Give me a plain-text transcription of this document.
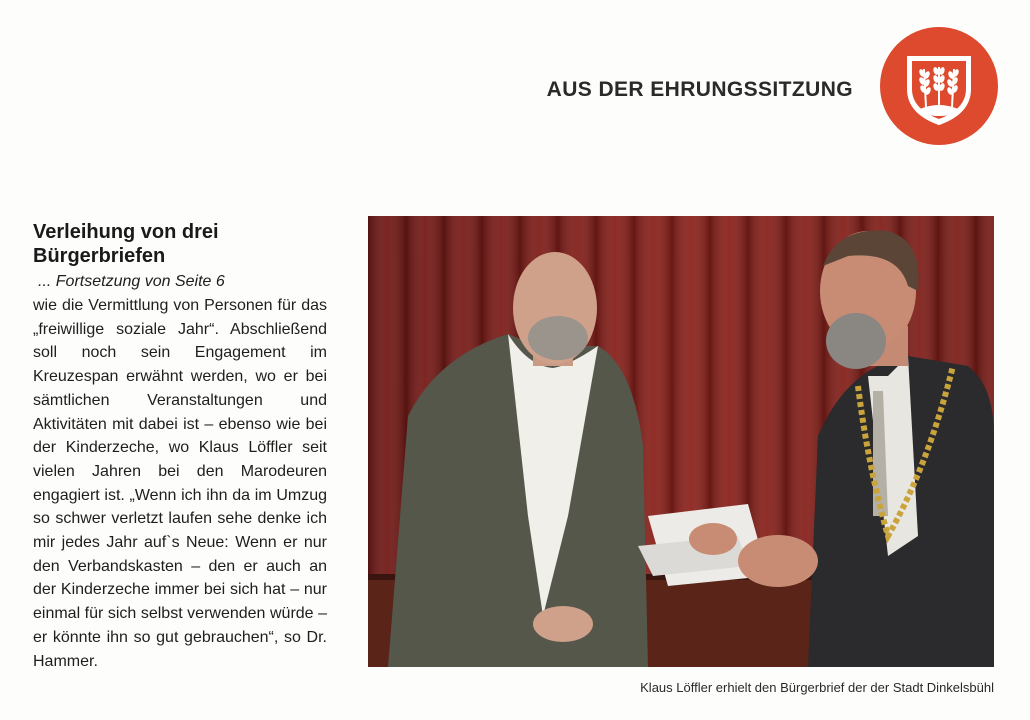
AUS DER EHRUNGSSITZUNG
Verleihung von drei Bürgerbriefen
... Fortsetzung von Seite 6
wie die Vermittlung von Personen für das „freiwillige soziale Jahr“. Abschließend soll noch sein Engagement im Kreuzespan erwähnt werden, wo er bei sämtlichen Veranstaltungen und Aktivitäten mit dabei ist – ebenso wie bei der Kinderzeche, wo Klaus Löffler seit vielen Jahren bei den Marodeuren engagiert ist. „Wenn ich ihn da im Umzug so schwer verletzt laufen sehe denke ich mir jedes Jahr auf`s Neue: Wenn er nur den Verbandskasten – den er auch an der Kinderzeche immer bei sich hat – nur einmal für sich selbst verwenden würde – er könnte ihn so gut gebrauchen“, so Dr. Hammer.
Klaus Löffler erhielt den Bürgerbrief der der Stadt Dinkelsbühl
